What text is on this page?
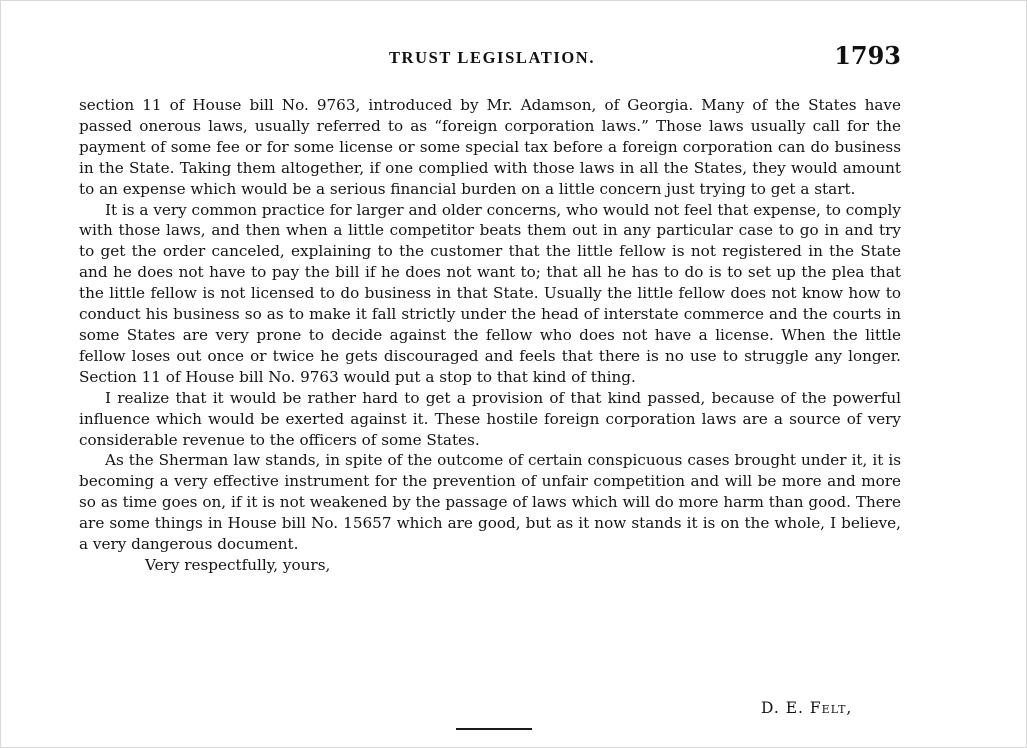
TRUST LEGISLATION.	1793

section 11 of House bill No. 9763, introduced by Mr. Adamson, of Georgia. Many of the States have passed onerous laws, usually referred to as “foreign corporation laws.” Those laws usually call for the payment of some fee or for some license or some special tax before a foreign corporation can do business in the State. Taking them altogether, if one complied with those laws in all the States, they would amount to an expense which would be a serious financial burden on a little concern just trying to get a start.

It is a very common practice for larger and older concerns, who would not feel that expense, to comply with those laws, and then when a little competitor beats them out in any particular case to go in and try to get the order canceled, explaining to the customer that the little fellow is not registered in the State and he does not have to pay the bill if he does not want to; that all he has to do is to set up the plea that the little fellow is not licensed to do business in that State. Usually the little fellow does not know how to conduct his business so as to make it fall strictly under the head of interstate commerce and the courts in some States are very prone to decide against the fellow who does not have a license. When the little fellow loses out once or twice he gets discouraged and feels that there is no use to struggle any longer. Section 11 of House bill No. 9763 would put a stop to that kind of thing.

I realize that it would be rather hard to get a provision of that kind passed, because of the powerful influence which would be exerted against it. These hostile foreign corporation laws are a source of very considerable revenue to the officers of some States.

As the Sherman law stands, in spite of the outcome of certain conspicuous cases brought under it, it is becoming a very effective instrument for the prevention of unfair competition and will be more and more so as time goes on, if it is not weakened by the passage of laws which will do more harm than good. There are some things in House bill No. 15657 which are good, but as it now stands it is on the whole, I believe, a very dangerous document.

Very respectfully, yours,

D. E. Felt,
